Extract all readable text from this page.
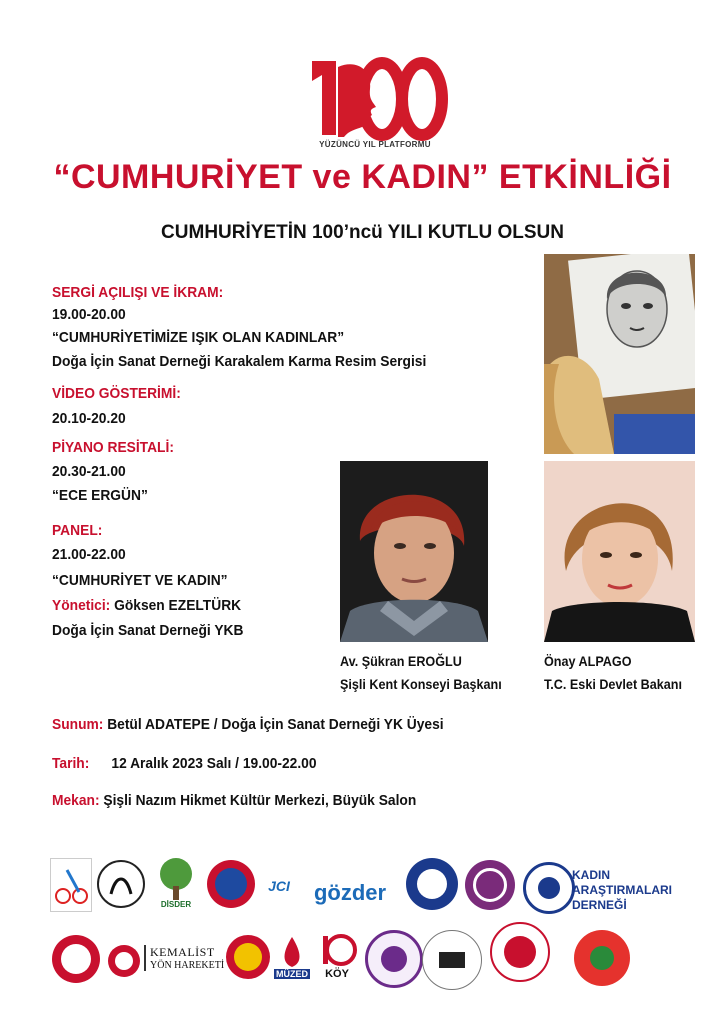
YÜZÜNCÜ YIL PLATFORMU
“CUMHURİYET ve KADIN” ETKİNLİĞİ
CUMHURİYETİN 100’ncü YILI KUTLU OLSUN
SERGİ AÇILIŞI VE İKRAM:
19.00-20.00
“CUMHURİYETİMİZE IŞIK OLAN KADINLAR”
Doğa İçin Sanat Derneği Karakalem Karma Resim Sergisi
VİDEO GÖSTERİMİ:
20.10-20.20
PİYANO RESİTALİ:
20.30-21.00
“ECE ERGÜN”
PANEL:
21.00-22.00
“CUMHURİYET VE KADIN”
Yönetici: Göksen EZELTÜRK
Doğa İçin Sanat Derneği YKB
Av. Şükran EROĞLU
Şişli Kent Konseyi Başkanı
Önay ALPAGO
T.C. Eski Devlet Bakanı
Sunum: Betül ADATEPE / Doğa İçin Sanat Derneği YK Üyesi
Tarih: 12 Aralık 2023 Salı / 19.00-22.00
Mekan: Şişli Nazım Hikmet Kültür Merkezi, Büyük Salon
DİSDER
JCI gözder
KADIN
ARAŞTIRMALARI
DERNEĞİ
KEMALİST
YÖN HAREKETİ
MÜZED KÖY
